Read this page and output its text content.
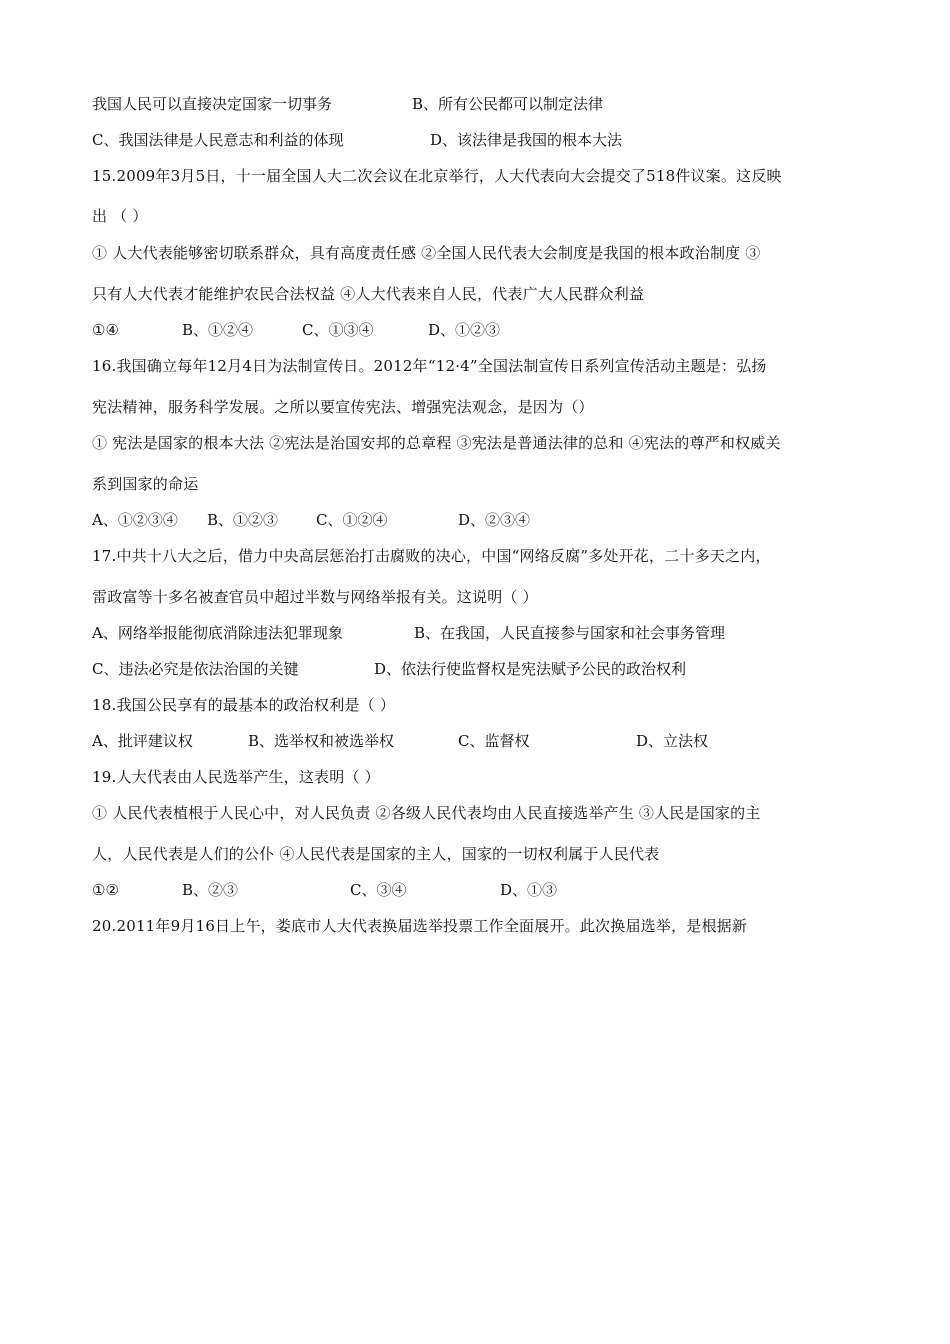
我国人民可以直接决定国家一切事务	B、所有公民都可以制定法律
C、我国法律是人民意志和利益的体现	D、该法律是我国的根本大法
15.2009年3月5日，十一届全国人大二次会议在北京举行，人大代表向大会提交了518件议案。这反映
出 （ ）
① 人大代表能够密切联系群众，具有高度责任感 ②全国人民代表大会制度是我国的根本政治制度 ③
只有人大代表才能维护农民合法权益 ④人大代表来自人民，代表广大人民群众利益
①④	B、①②④	C、①③④	D、①②③
16.我国确立每年12月4日为法制宣传日。2012年“12·4”全国法制宣传日系列宣传活动主题是：弘扬
宪法精神，服务科学发展。之所以要宣传宪法、增强宪法观念，是因为（）
① 宪法是国家的根本大法 ②宪法是治国安邦的总章程 ③宪法是普通法律的总和 ④宪法的尊严和权威关
系到国家的命运
A、①②③④ B、①②③	C、①②④	D、②③④
17.中共十八大之后，借力中央高层惩治打击腐败的决心，中国“网络反腐”多处开花，二十多天之内，
雷政富等十多名被查官员中超过半数与网络举报有关。这说明（ ）
A、网络举报能彻底消除违法犯罪现象	B、在我国，人民直接参与国家和社会事务管理
C、违法必究是依法治国的关键	D、依法行使监督权是宪法赋予公民的政治权利
18.我国公民享有的最基本的政治权利是（ ）
A、批评建议权	B、选举权和被选举权	C、监督权	D、立法权
19.人大代表由人民选举产生，这表明（ ）
① 人民代表植根于人民心中，对人民负责 ②各级人民代表均由人民直接选举产生 ③人民是国家的主
人，人民代表是人们的公仆 ④人民代表是国家的主人，国家的一切权利属于人民代表
①②	B、②③	C、③④	D、①③
20.2011年9月16日上午，娄底市人大代表换届选举投票工作全面展开。此次换届选举，是根据新
